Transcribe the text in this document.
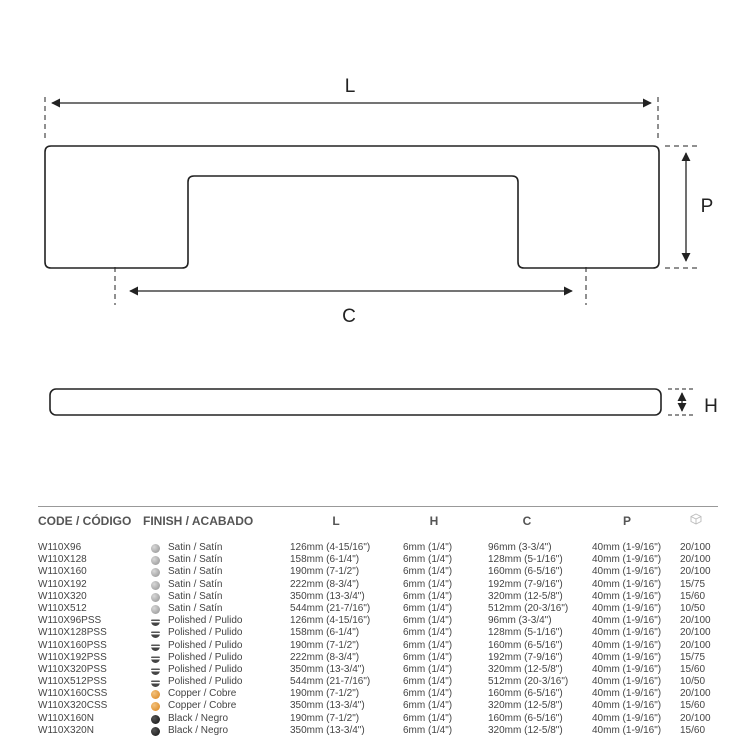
L
P
C
H
CODE / CÓDIGO FINISH / ACABADO	L	H	C	P
W110X96	Satin / Satín	126mm (4-15/16")	6mm (1/4")	96mm (3-3/4")	40mm (1-9/16") 20/100
W110X128	Satin / Satín	158mm (6-1/4")	6mm (1/4")	128mm (5-1/16")	40mm (1-9/16") 20/100
W110X160	Satin / Satín	190mm (7-1/2")	6mm (1/4")	160mm (6-5/16")	40mm (1-9/16") 20/100
W110X192	Satin / Satín	222mm (8-3/4")	6mm (1/4")	192mm (7-9/16")	40mm (1-9/16") 15/75
W110X320	Satin / Satín	350mm (13-3/4")	6mm (1/4")	320mm (12-5/8")	40mm (1-9/16") 15/60
W110X512	Satin / Satín	544mm (21-7/16")	6mm (1/4")	512mm (20-3/16") 40mm (1-9/16") 10/50
W110X96PSS	Polished / Pulido	126mm (4-15/16")	6mm (1/4")	96mm (3-3/4")	40mm (1-9/16") 20/100
W110X128PSS	Polished / Pulido	158mm (6-1/4")	6mm (1/4")	128mm (5-1/16")	40mm (1-9/16") 20/100
W110X160PSS	Polished / Pulido	190mm (7-1/2")	6mm (1/4")	160mm (6-5/16")	40mm (1-9/16") 20/100
W110X192PSS	Polished / Pulido	222mm (8-3/4")	6mm (1/4")	192mm (7-9/16")	40mm (1-9/16") 15/75
W110X320PSS	Polished / Pulido	350mm (13-3/4")	6mm (1/4")	320mm (12-5/8")	40mm (1-9/16") 15/60
W110X512PSS	Polished / Pulido	544mm (21-7/16")	6mm (1/4")	512mm (20-3/16") 40mm (1-9/16") 10/50
W110X160CSS	Copper / Cobre	190mm (7-1/2")	6mm (1/4")	160mm (6-5/16")	40mm (1-9/16") 20/100
W110X320CSS	Copper / Cobre	350mm (13-3/4")	6mm (1/4")	320mm (12-5/8")	40mm (1-9/16") 15/60
W110X160N	Black / Negro	190mm (7-1/2")	6mm (1/4")	160mm (6-5/16")	40mm (1-9/16") 20/100
W110X320N	Black / Negro	350mm (13-3/4")	6mm (1/4")	320mm (12-5/8")	40mm (1-9/16") 15/60
